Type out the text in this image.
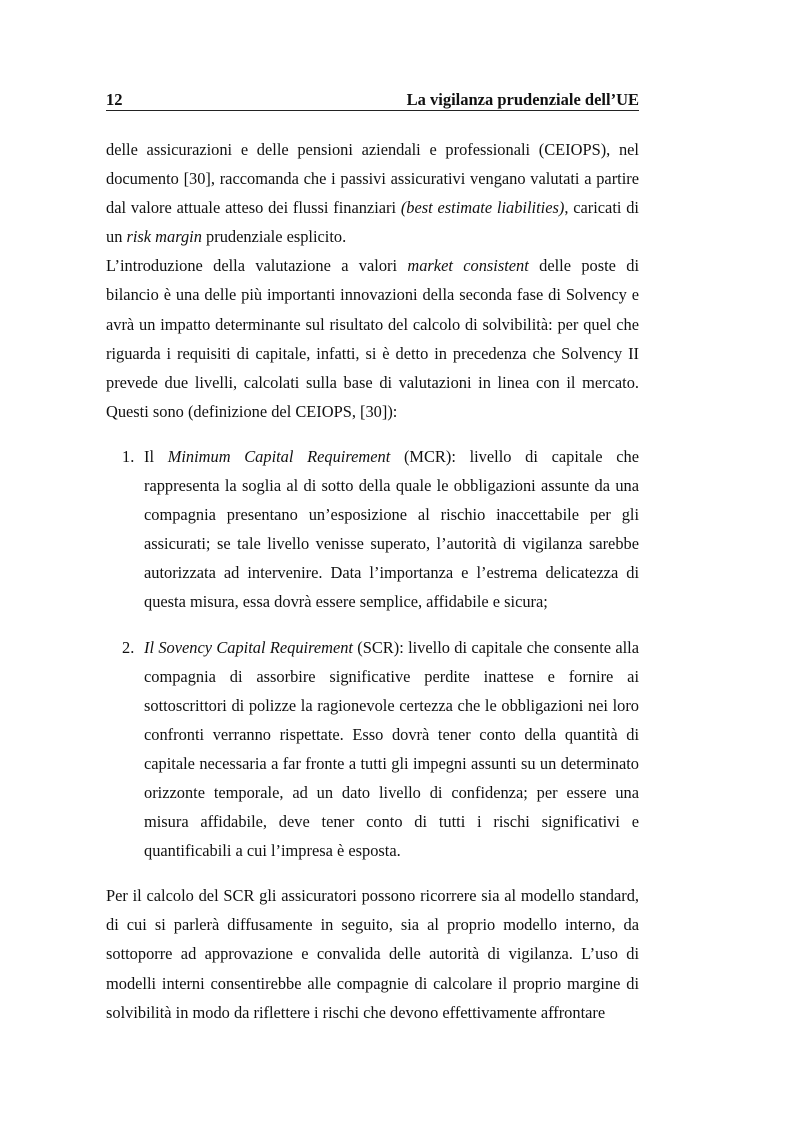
12	La vigilanza prudenziale dell’UE

delle assicurazioni e delle pensioni aziendali e professionali (CEIOPS), nel documento [30], raccomanda che i passivi assicurativi vengano valutati a partire dal valore attuale atteso dei flussi finanziari (best estimate liabilities), caricati di un risk margin prudenziale esplicito.

L’introduzione della valutazione a valori market consistent delle poste di bilancio è una delle più importanti innovazioni della seconda fase di Solvency e avrà un impatto determinante sul risultato del calcolo di solvibilità: per quel che riguarda i requisiti di capitale, infatti, si è detto in precedenza che Solvency II prevede due livelli, calcolati sulla base di valutazioni in linea con il mercato. Questi sono (definizione del CEIOPS, [30]):

1. Il Minimum Capital Requirement (MCR): livello di capitale che rappresenta la soglia al di sotto della quale le obbligazioni assunte da una compagnia presentano un’esposizione al rischio inaccettabile per gli assicurati; se tale livello venisse superato, l’autorità di vigilanza sarebbe autorizzata ad intervenire. Data l’importanza e l’estrema delicatezza di questa misura, essa dovrà essere semplice, affidabile e sicura;
2. Il Sovency Capital Requirement (SCR): livello di capitale che consente alla compagnia di assorbire significative perdite inattese e fornire ai sottoscrittori di polizze la ragionevole certezza che le obbligazioni nei loro confronti verranno rispettate. Esso dovrà tener conto della quantità di capitale necessaria a far fronte a tutti gli impegni assunti su un determinato orizzonte temporale, ad un dato livello di confidenza; per essere una misura affidabile, deve tener conto di tutti i rischi significativi e quantificabili a cui l’impresa è esposta.

Per il calcolo del SCR gli assicuratori possono ricorrere sia al modello standard, di cui si parlerà diffusamente in seguito, sia al proprio modello interno, da sottoporre ad approvazione e convalida delle autorità di vigilanza. L’uso di modelli interni consentirebbe alle compagnie di calcolare il proprio margine di solvibilità in modo da riflettere i rischi che devono effettivamente affrontare
